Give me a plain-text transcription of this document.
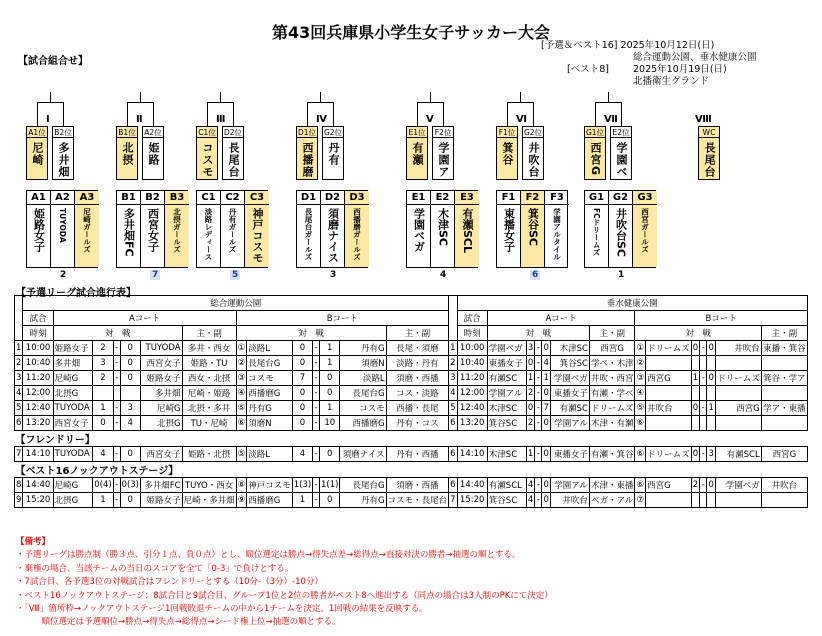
第43回兵庫県小学生女子サッカー大会
【試合組合せ】
[予選＆ベスト16] 2025年10月12日(日)
総合運動公園、垂水健康公園
[ベスト8]	2025年10月19日(日)
北播衛生グランド
Ⅰ
A1位
尼崎
B2位
多井畑
Ⅱ
B1位
北摂
A2位
姫路
Ⅲ
C1位
コスモ
D2位
長尾台
Ⅳ
D1位
西播磨
G2位
丹有
Ⅴ
E1位
有瀬
F2位
学園ア
Ⅵ
F1位
箕谷
G2位
井吹台
Ⅶ
G1位
西宮G
E2位
学園ベ
Ⅷ
WC
長尾台
A1
姫路女子
A2
TUYODA
A3
尼崎ガールズ
2
B1
多井畑FC
B2
西宮女子
B3
北摂ガールズ
7
C1
淡路レディース
C2
丹有ガールズ
C3
神戸コスモ
5
D1
長尾台ガールズ
D2
須磨ナイス
D3
西播磨ガールズ
3
E1
学園ベガ
E2
木津SC
E3
有瀬SCL
4
F1
東播女子
F2
箕谷SC
F3
学園アルタイル
6
G1
FCドリームズ
G2
井吹台SC
G3
西宮ガールズ
1
【予選リーグ試合進行表】
	総合運動公園															垂水健康公園													
	試合	Aコート						Bコート								試合	Aコート						Bコート						
	時刻	対　戦					主・副	対　戦						主・副		時刻	対　戦					主・副	対　戦						主・副
1	10:00	姫路女子	2	-	0	TUYODA	多井・西女	①	淡路L	0	-	1	丹有G	長尾・須磨	1	10:00	学園ベガ	3	-	0	木津SC	西宮G	①	ドリームズ	0	-	0	井吹台	東播・箕谷
2	10:40	多井畑	3	-	0	西宮女子	姫路・TU	②	長尾台G	0	-	1	須磨N	淡路・丹有	2	10:40	東播女子	0	-	4	箕谷SC	学ベ・木津	②						
3	11:20	尼崎G	2	-	0	姫路女子	西女・北摂	③	コスモ	7	-	0	淡路L	須磨・西播	3	11:20	有瀬SC	1	-	1	学園ベガ	井吹・西宮	③	西宮G	1	-	0	ドリームズ	箕谷・学ア
4	12:00	北摂G				多井畑	尼崎・姫路	④	西播磨G	0	-	0	長尾台G	コス・淡路	4	12:00	学園アル	2	-	0	東播女子	有瀬・学ベ	④						
5	12:40	TUYODA	1	-	3	尼崎G	北摂・多井	⑤	丹有G	0	-	1	コスモ	西播・長尾	5	12:40	木津SC	0	-	7	有瀬SC	ドリームズ	⑤	井吹台	0	-	1	西宮G	学ア・東播
6	13:20	西宮女子	0	-	4	北摂G	TU・尼崎	⑥	須磨N	0	-	10	西播磨G	丹有・コス	6	13:20	箕谷SC	2	-	0	学園アル	木津・有瀬	⑥						
【フレンドリー】																													
7	14:10	TUYODA	4	-	0	西宮女子	姫路・北摂	⑤	淡路L	4	-	0	須磨ナイス	丹有・西播	6	14:10	木津SC	1	-	0	東播女子	有瀬・箕谷	⑥	ドリームズ	0	-	3	有瀬SCL	西宮G
【ベスト16ノックアウトステージ】																													
8	14:40	尼崎G	0(4)	-	0(3)	多井畑FC	TUYO・西女	⑧	神戸コスモ	1(3)	-	1(1)	長尾台G	須磨・西播	6	14:40	有瀬SCL	4	-	0	学園アル	木津・東播	⑥	西宮G	2	-	0	学園ベガ	井吹台
9	15:20	北摂G	1	-	0	姫路女子	尼崎・多井畑	⑨	西播磨G	1	-	0	丹有G	コスモ・長尾台	7	15:20	箕谷SC	4	-	0	井吹台	ベガ・アル	⑦						
【備考】
・予選リーグは勝点制（勝３点、引分１点、負０点）とし、順位選定は勝点→得失点差→総得点→直接対決の勝者→抽選の順とする。
・棄権の場合、当該チームの当日のスコアを全て「0-3」で負けとする。
・7試合目、各予選3位の対戦試合はフレンドリーとする（10分-（3分）-10分）
・ベスト16ノックアウトステージ：8試合目と9試合目、グループ1位と2位の勝者がベスト8へ進出する（同点の場合は3人制のPKにて決定）
・「Ⅷ」箇所枠→ノックアウトステージ1回戦敗退チームの中から1チームを決定。1回戦の結果を反映する。
　　　順位選定は予選順位→勝点→得失点→総得点→シード権上位→抽選の順とする。
